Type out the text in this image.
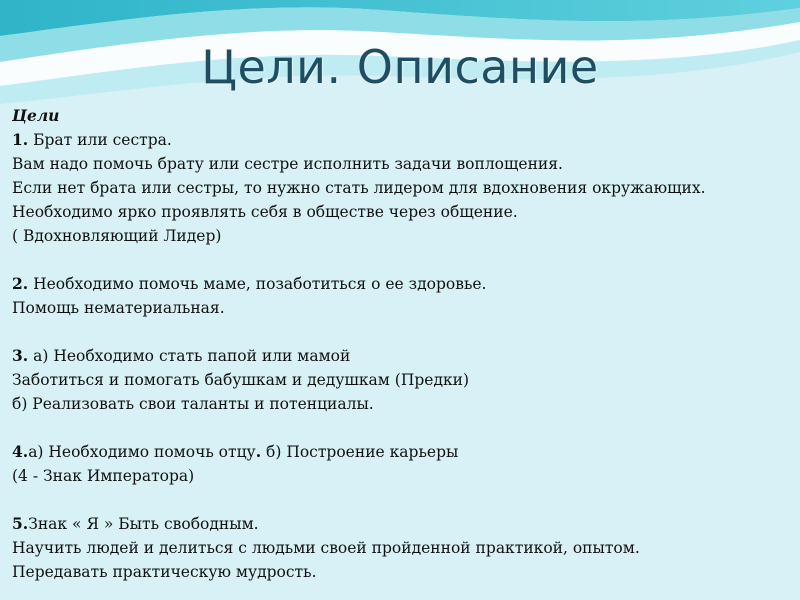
Цели. Описание
Цели
1. Брат или сестра.
Вам надо помочь брату или сестре исполнить задачи воплощения.
Если нет брата или сестры, то нужно стать лидером для вдохновения окружающих.
Необходимо ярко проявлять себя в обществе через общение.
( Вдохновляющий Лидер)
2. Необходимо помочь маме, позаботиться о ее здоровье.
Помощь нематериальная.
3. а) Необходимо стать папой или мамой
Заботиться и помогать бабушкам и дедушкам (Предки)
б) Реализовать свои таланты и потенциалы.
4.а) Необходимо помочь отцу. б) Построение карьеры
(4 - Знак Императора)
5.Знак « Я » Быть свободным.
Научить людей и делиться с людьми своей пройденной практикой, опытом.
Передавать практическую мудрость.
